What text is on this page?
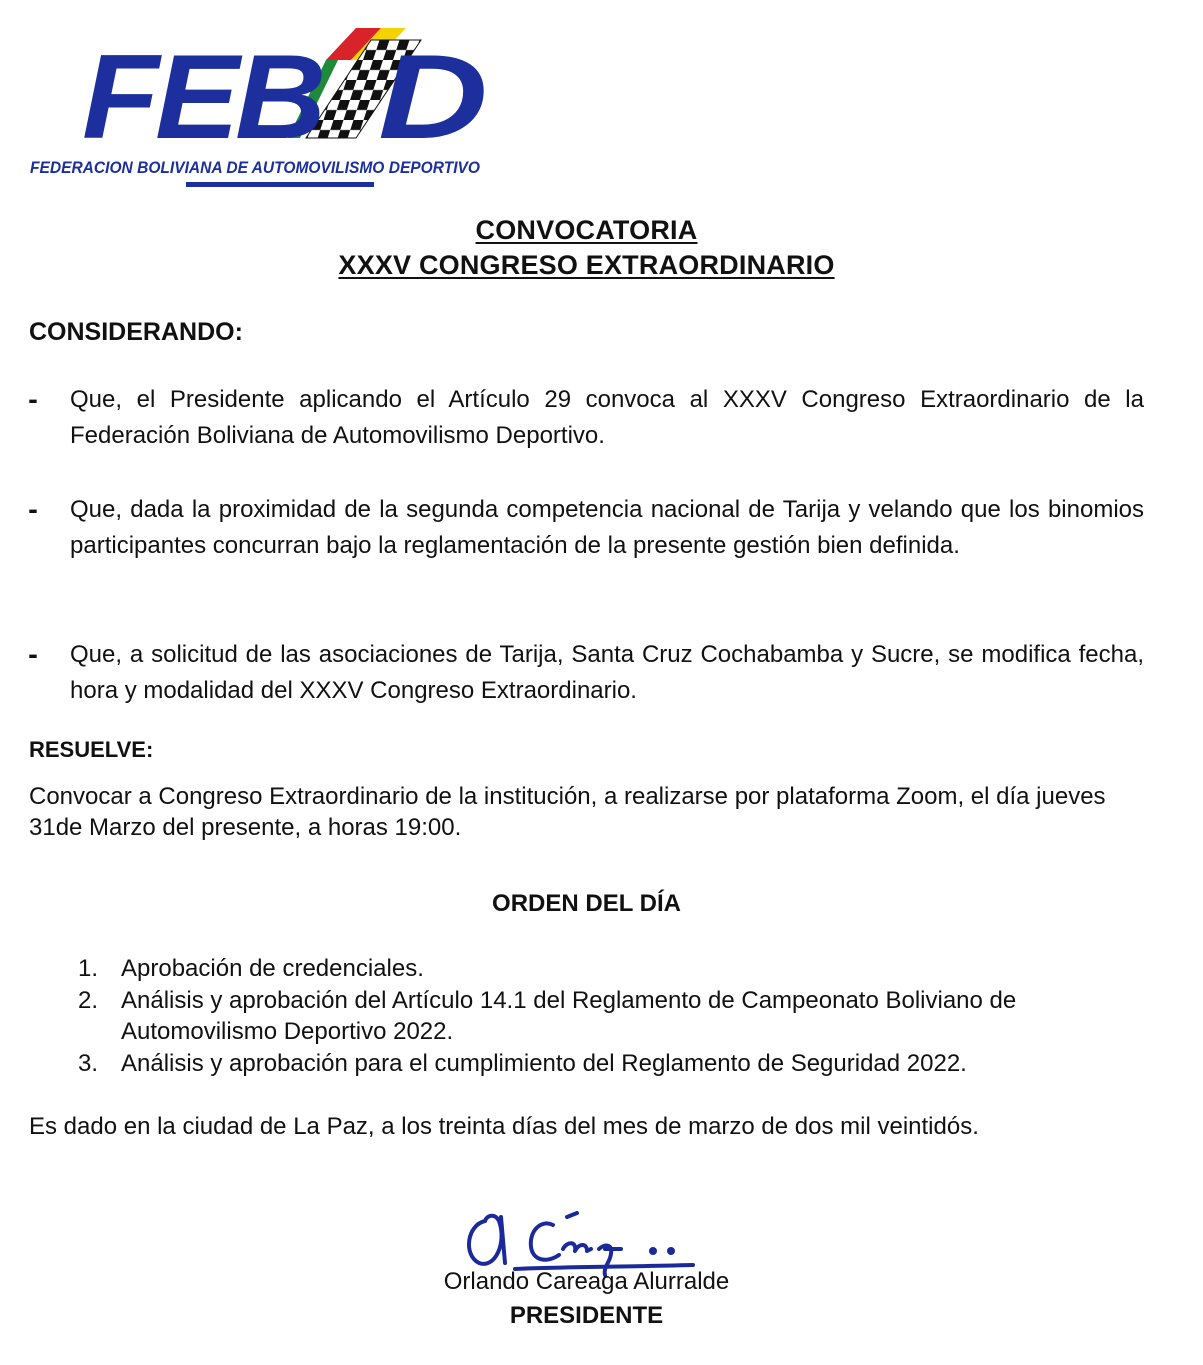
FEB D
FEDERACION BOLIVIANA DE AUTOMOVILISMO DEPORTIVO
CONVOCATORIA
XXXV CONGRESO EXTRAORDINARIO
CONSIDERANDO:
- Que, el Presidente aplicando el Artículo 29 convoca al XXXV Congreso Extraordinario de la Federación Boliviana de Automovilismo Deportivo.
- Que, dada la proximidad de la segunda competencia nacional de Tarija y velando que los binomios participantes concurran bajo la reglamentación de la presente gestión bien definida.
- Que, a solicitud de las asociaciones de Tarija, Santa Cruz Cochabamba y Sucre, se modifica fecha, hora y modalidad del XXXV Congreso Extraordinario.
RESUELVE:
Convocar a Congreso Extraordinario de la institución, a realizarse por plataforma Zoom, el día jueves 31de Marzo del presente, a horas 19:00.
ORDEN DEL DÍA
1. Aprobación de credenciales.
2. Análisis y aprobación del Artículo 14.1 del Reglamento de Campeonato Boliviano de Automovilismo Deportivo 2022.
3. Análisis y aprobación para el cumplimiento del Reglamento de Seguridad 2022.
Es dado en la ciudad de La Paz, a los treinta días del mes de marzo de dos mil veintidós.
Orlando Careaga Alurralde
PRESIDENTE
